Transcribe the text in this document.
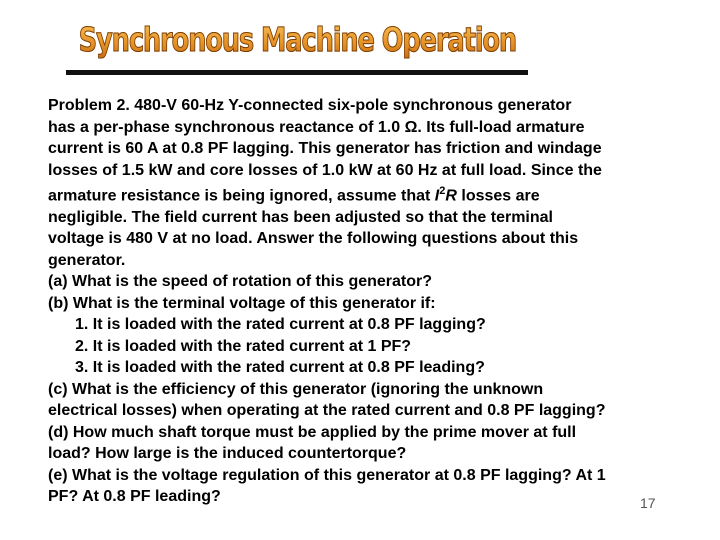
Synchronous Machine Operation
Problem 2. 480-V 60-Hz Y-connected six-pole synchronous generator
has a per-phase synchronous reactance of 1.0 Ω. Its full-load armature
current is 60 A at 0.8 PF lagging. This generator has friction and windage
losses of 1.5 kW and core losses of 1.0 kW at 60 Hz at full load. Since the
armature resistance is being ignored, assume that $I^2R$ losses are
negligible. The field current has been adjusted so that the terminal
voltage is 480 V at no load. Answer the following questions about this
generator.
(a) What is the speed of rotation of this generator?
(b) What is the terminal voltage of this generator if:
1. It is loaded with the rated current at 0.8 PF lagging?
2. It is loaded with the rated current at 1 PF?
3. It is loaded with the rated current at 0.8 PF leading?
(c) What is the efficiency of this generator (ignoring the unknown
electrical losses) when operating at the rated current and 0.8 PF lagging?
(d) How much shaft torque must be applied by the prime mover at full
load? How large is the induced countertorque?
(e) What is the voltage regulation of this generator at 0.8 PF lagging? At 1
PF? At 0.8 PF leading?	17
